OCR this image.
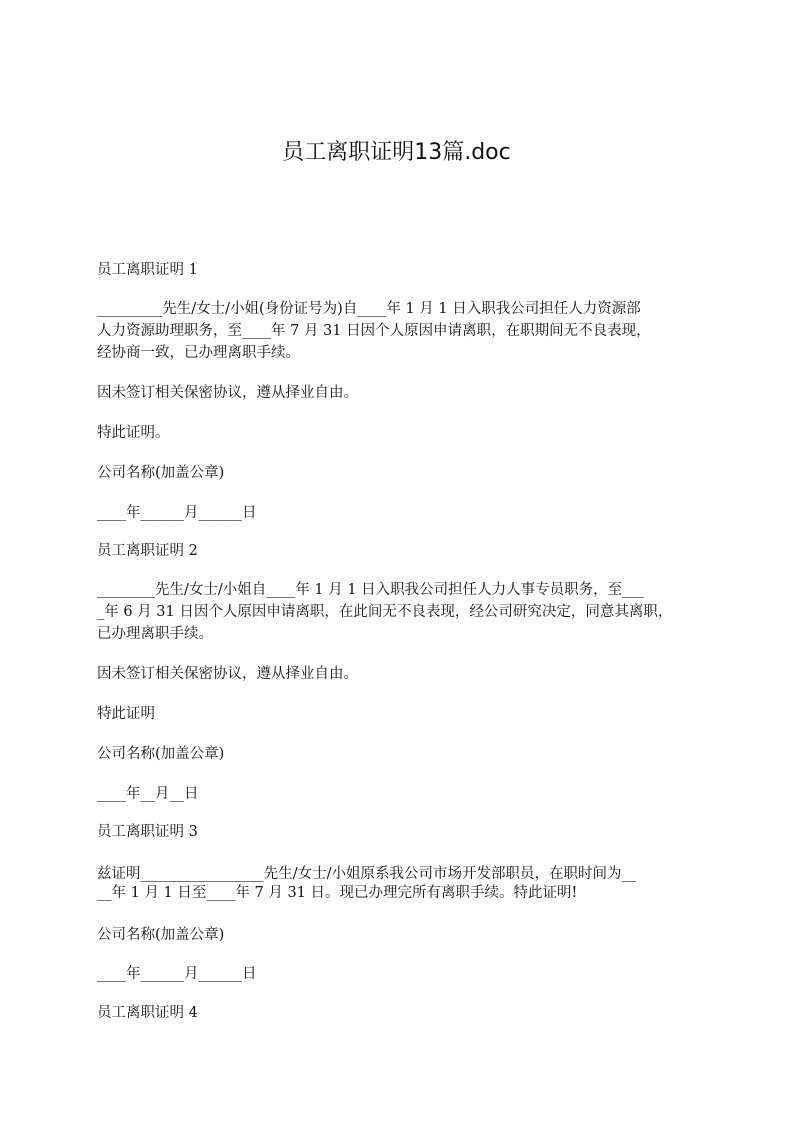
员工离职证明13篇.doc
员工离职证明 1
_________先生/女士/小姐(身份证号为)自____年 1 月 1 日入职我公司担任人力资源部
人力资源助理职务，至____年 7 月 31 日因个人原因申请离职，在职期间无不良表现，
经协商一致，已办理离职手续。
因未签订相关保密协议，遵从择业自由。
特此证明。
公司名称(加盖公章)
____年______月______日
员工离职证明 2
________先生/女士/小姐自____年 1 月 1 日入职我公司担任人力人事专员职务，至___
_年 6 月 31 日因个人原因申请离职，在此间无不良表现，经公司研究决定，同意其离职，
已办理离职手续。
因未签订相关保密协议，遵从择业自由。
特此证明
公司名称(加盖公章)
____年__月__日
员工离职证明 3
兹证明_________________先生/女士/小姐原系我公司市场开发部职员，在职时间为__
__年 1 月 1 日至____年 7 月 31 日。现已办理完所有离职手续。特此证明!
公司名称(加盖公章)
____年______月______日
员工离职证明 4
